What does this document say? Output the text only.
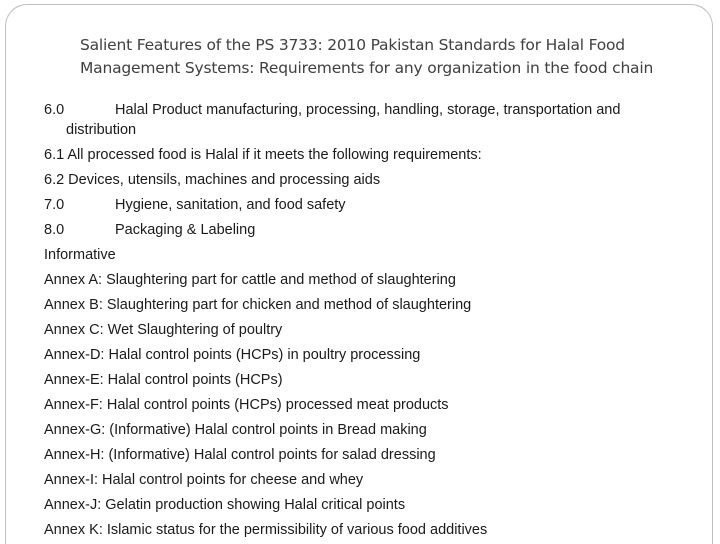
Salient Features of the PS 3733: 2010 Pakistan Standards for Halal Food Management Systems: Requirements for any organization in the food chain
6.0	Halal Product manufacturing, processing, handling, storage, transportation and
distribution
6.1 All processed food is Halal if it meets the following requirements:
6.2 Devices, utensils, machines and processing aids
7.0	Hygiene, sanitation, and food safety
8.0	Packaging & Labeling
Informative
Annex A: Slaughtering part for cattle and method of slaughtering
Annex B: Slaughtering part for chicken and method of slaughtering
Annex C: Wet Slaughtering of poultry
Annex-D: Halal control points (HCPs) in poultry processing
Annex-E: Halal control points (HCPs)
Annex-F: Halal control points (HCPs) processed meat products
Annex-G: (Informative) Halal control points in Bread making
Annex-H: (Informative) Halal control points for salad dressing
Annex-I: Halal control points for cheese and whey
Annex-J: Gelatin production showing Halal critical points
Annex K: Islamic status for the permissibility of various food additives
